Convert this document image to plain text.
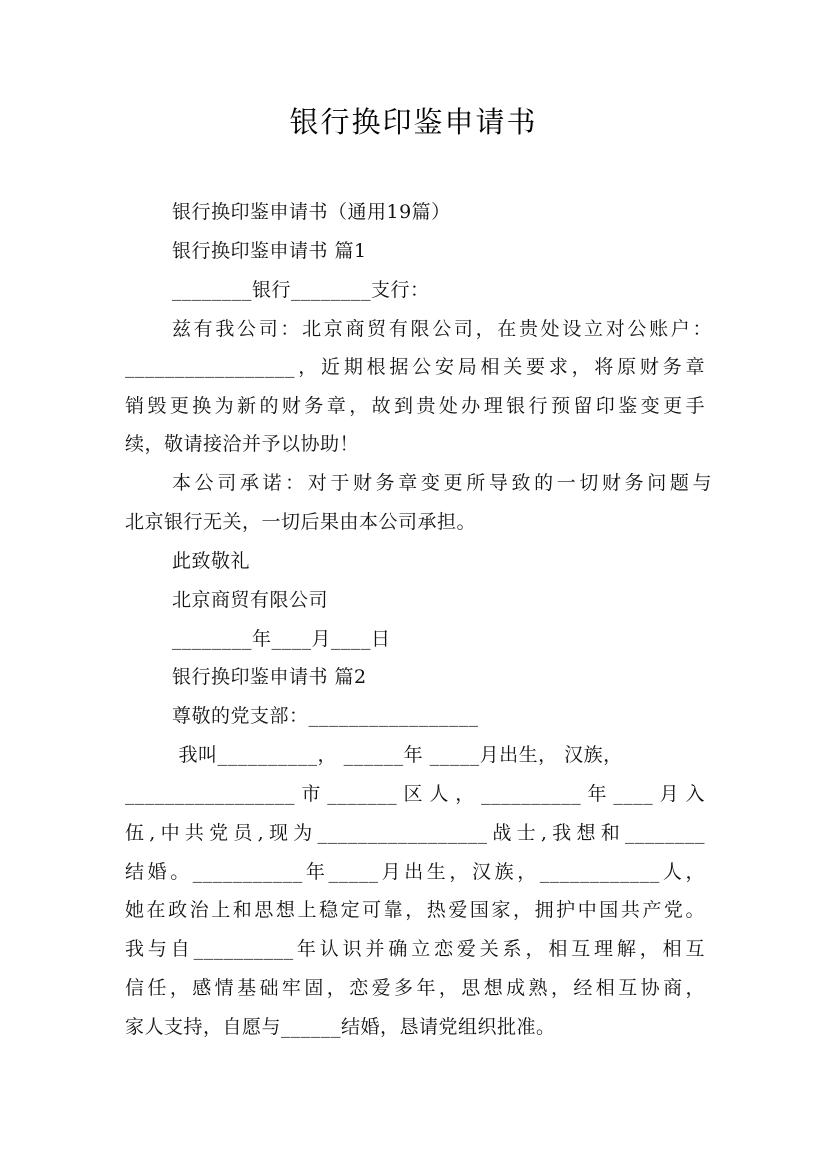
银行换印鉴申请书
银行换印鉴申请书（通用19篇）
银行换印鉴申请书 篇1
________银行________支行：
兹有我公司：北京商贸有限公司，在贵处设立对公账户：
_________________，近期根据公安局相关要求，将原财务章
销毁更换为新的财务章，故到贵处办理银行预留印鉴变更手
续，敬请接洽并予以协助！
本公司承诺：对于财务章变更所导致的一切财务问题与
北京银行无关，一切后果由本公司承担。
此致敬礼
北京商贸有限公司
________年____月____日
银行换印鉴申请书 篇2
尊敬的党支部：_________________
我叫__________， ______年 _____月出生， 汉族，
_________________市_______区人，__________年____月入
伍,中共党员,现为_________________战士,我想和________
结婚。___________年_____月出生，汉族，____________人，
她在政治上和思想上稳定可靠，热爱国家，拥护中国共产党。
我与自__________年认识并确立恋爱关系，相互理解，相互
信任，感情基础牢固，恋爱多年，思想成熟，经相互协商，
家人支持，自愿与______结婚，恳请党组织批准。
